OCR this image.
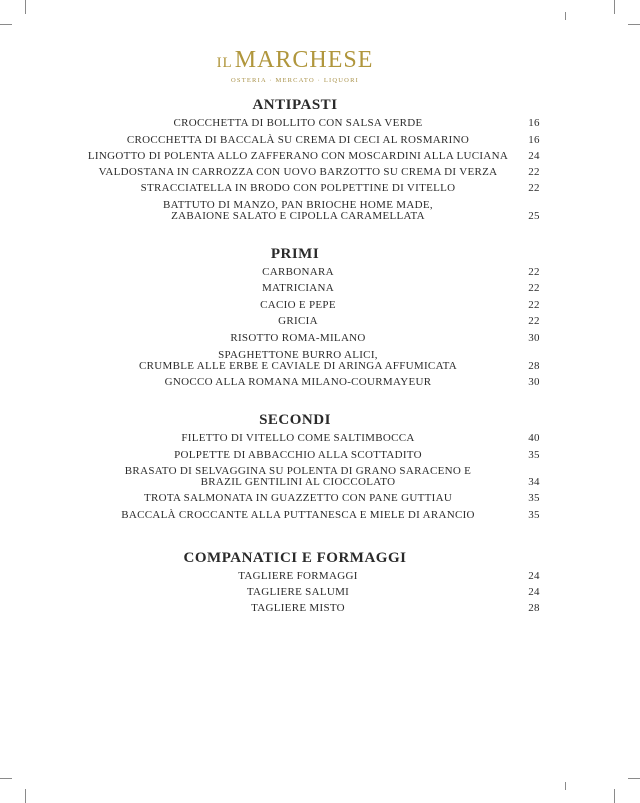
ILMARCHESE
OSTERIA · MERCATO · LIQUORI
ANTIPASTI
CROCCHETTA DI BOLLITO CON SALSA VERDE	16
CROCCHETTA DI BACCALÀ SU CREMA DI CECI AL ROSMARINO	16
LINGOTTO DI POLENTA ALLO ZAFFERANO CON MOSCARDINI ALLA LUCIANA	24
VALDOSTANA IN CARROZZA CON UOVO BARZOTTO SU CREMA DI VERZA	22
STRACCIATELLA IN BRODO CON POLPETTINE DI VITELLO	22
BATTUTO DI MANZO, PAN BRIOCHE HOME MADE,
ZABAIONE SALATO E CIPOLLA CARAMELLATA	25
PRIMI
CARBONARA	22
MATRICIANA	22
CACIO E PEPE	22
GRICIA	22
RISOTTO ROMA-MILANO	30
SPAGHETTONE BURRO ALICI,
CRUMBLE ALLE ERBE E CAVIALE DI ARINGA AFFUMICATA	28
GNOCCO ALLA ROMANA MILANO-COURMAYEUR	30
SECONDI
FILETTO DI VITELLO COME SALTIMBOCCA	40
POLPETTE DI ABBACCHIO ALLA SCOTTADITO	35
BRASATO DI SELVAGGINA SU POLENTA DI GRANO SARACENO E
BRAZIL GENTILINI AL CIOCCOLATO	34
TROTA SALMONATA IN GUAZZETTO CON PANE GUTTIAU	35
BACCALÀ CROCCANTE ALLA PUTTANESCA E MIELE DI ARANCIO	35
COMPANATICI E FORMAGGI
TAGLIERE FORMAGGI	24
TAGLIERE SALUMI	24
TAGLIERE MISTO	28
